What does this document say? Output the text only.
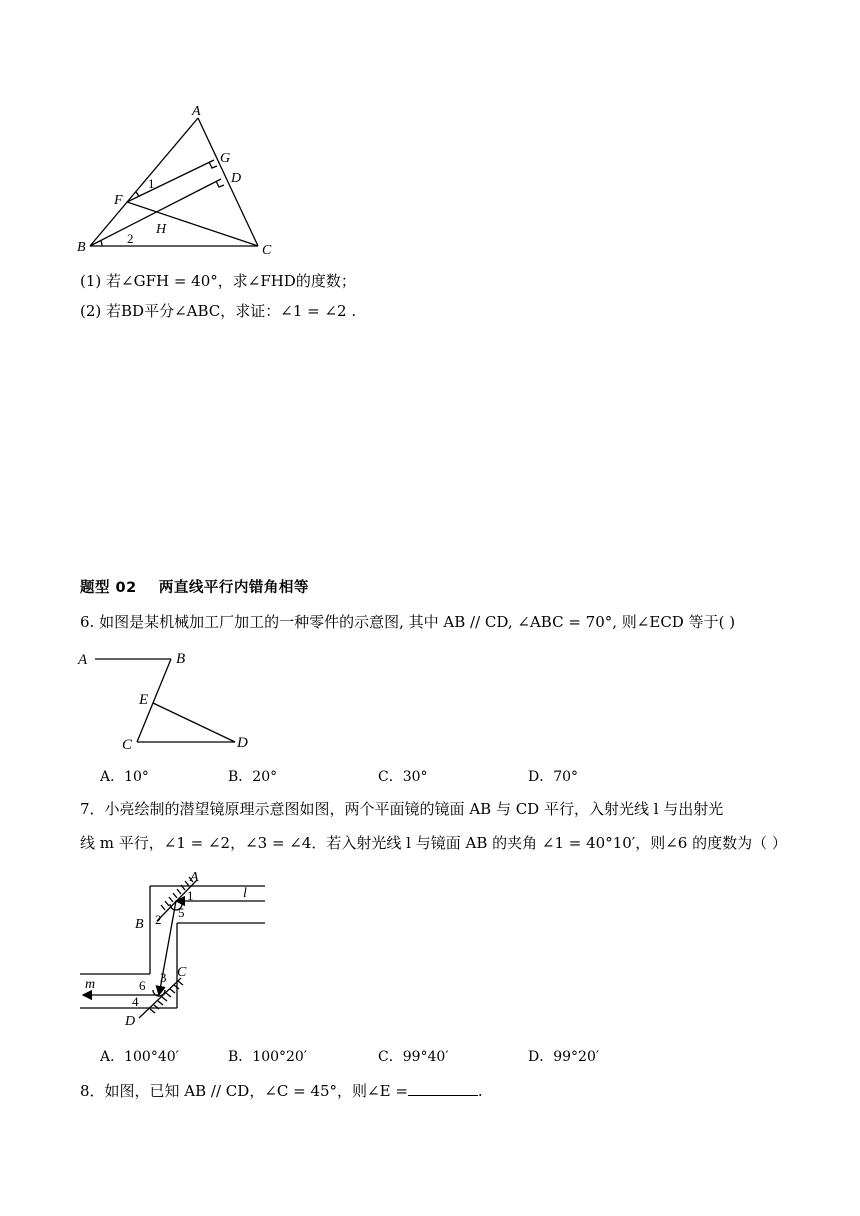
A
G
D
F
1
H
B
2
C
(1) 若∠GFH = 40°，求∠FHD的度数；
(2) 若BD平分∠ABC，求证：∠1 = ∠2 .
题型 02    两直线平行内错角相等
6. 如图是某机械加工厂加工的一种零件的示意图, 其中 AB // CD, ∠ABC = 70°, 则∠ECD 等于( )
A	B
E
C	D
A．10°	B．20°	C．30°	D．70°
7．小亮绘制的潜望镜原理示意图如图，两个平面镜的镜面 AB 与 CD 平行，入射光线 l 与出射光
线 m 平行，∠1 = ∠2，∠3 = ∠4．若入射光线 l 与镜面 AB 的夹角 ∠1 = 40°10′，则∠6 的度数为（ ）
A
l
1
B 2 5
m	6
3 C
4
D
A．100°40′	B．100°20′	C．99°40′	D．99°20′
8．如图，已知 AB // CD，∠C = 45°，则∠E =	.
